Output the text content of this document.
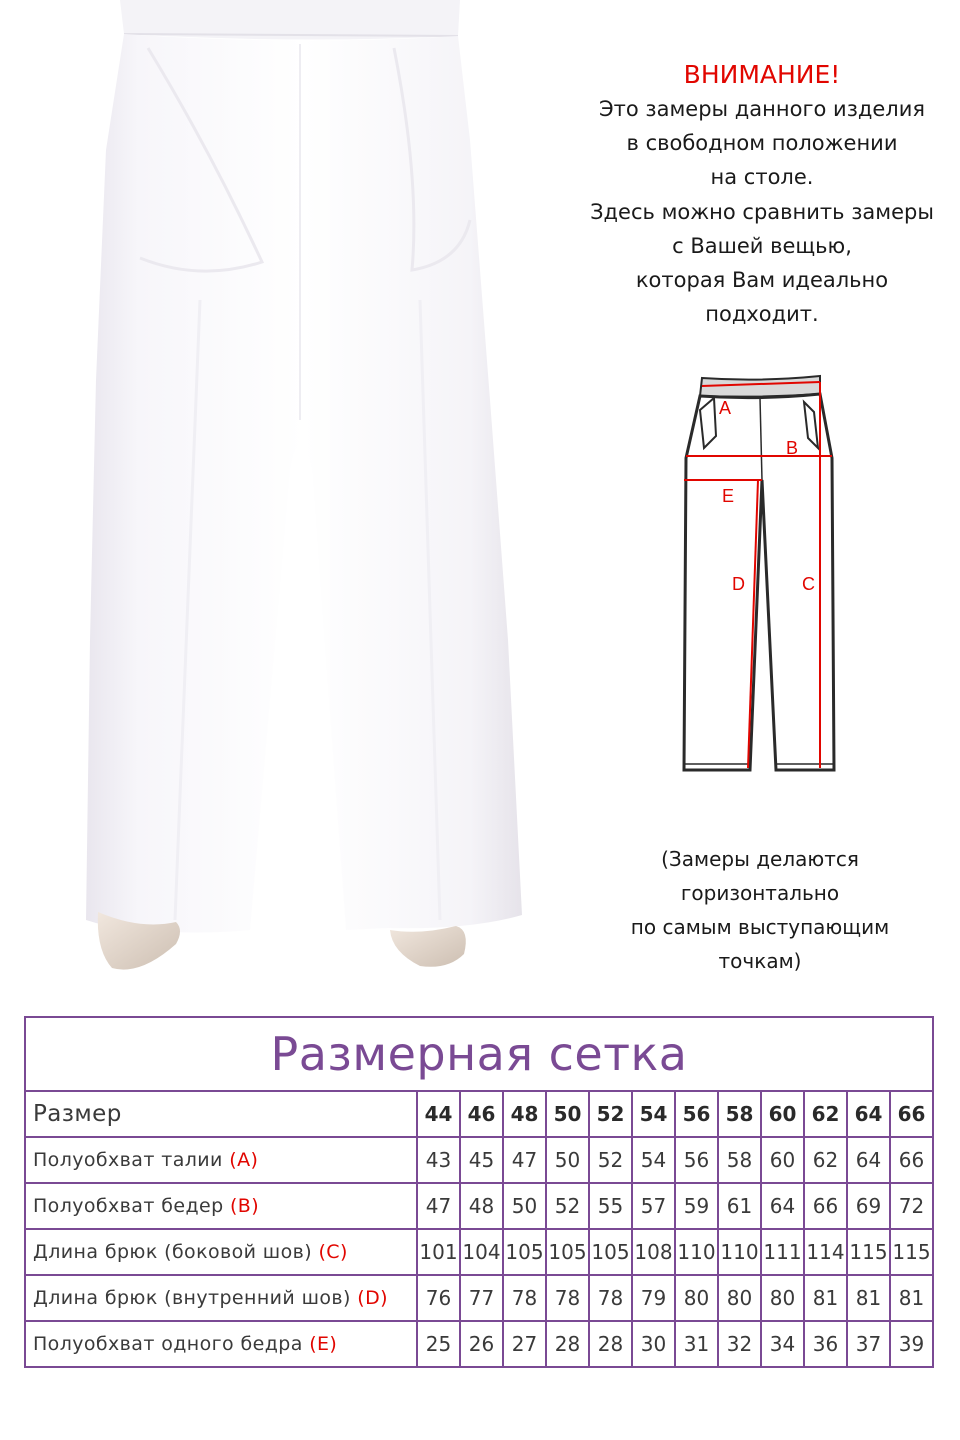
ВНИМАНИЕ!
Это замеры данного изделия
в свободном положении
на столе.
Здесь можно сравнить замеры
с Вашей вещью,
которая Вам идеально
подходит.
A
B
E
D	C
(Замеры делаются
горизонтально
по самым выступающим
точкам)
Размерная сетка												
Размер	44	46	48	50	52	54	56	58	60	62	64	66
Полуобхват талии (A)	43	45	47	50	52	54	56	58	60	62	64	66
Полуобхват бедер (B)	47	48	50	52	55	57	59	61	64	66	69	72
Длина брюк (боковой шов) (C)	101	104	105	105	105	108	110	110	111	114	115	115
Длина брюк (внутренний шов) (D)	76	77	78	78	78	79	80	80	80	81	81	81
Полуобхват одного бедра (E)	25	26	27	28	28	30	31	32	34	36	37	39
